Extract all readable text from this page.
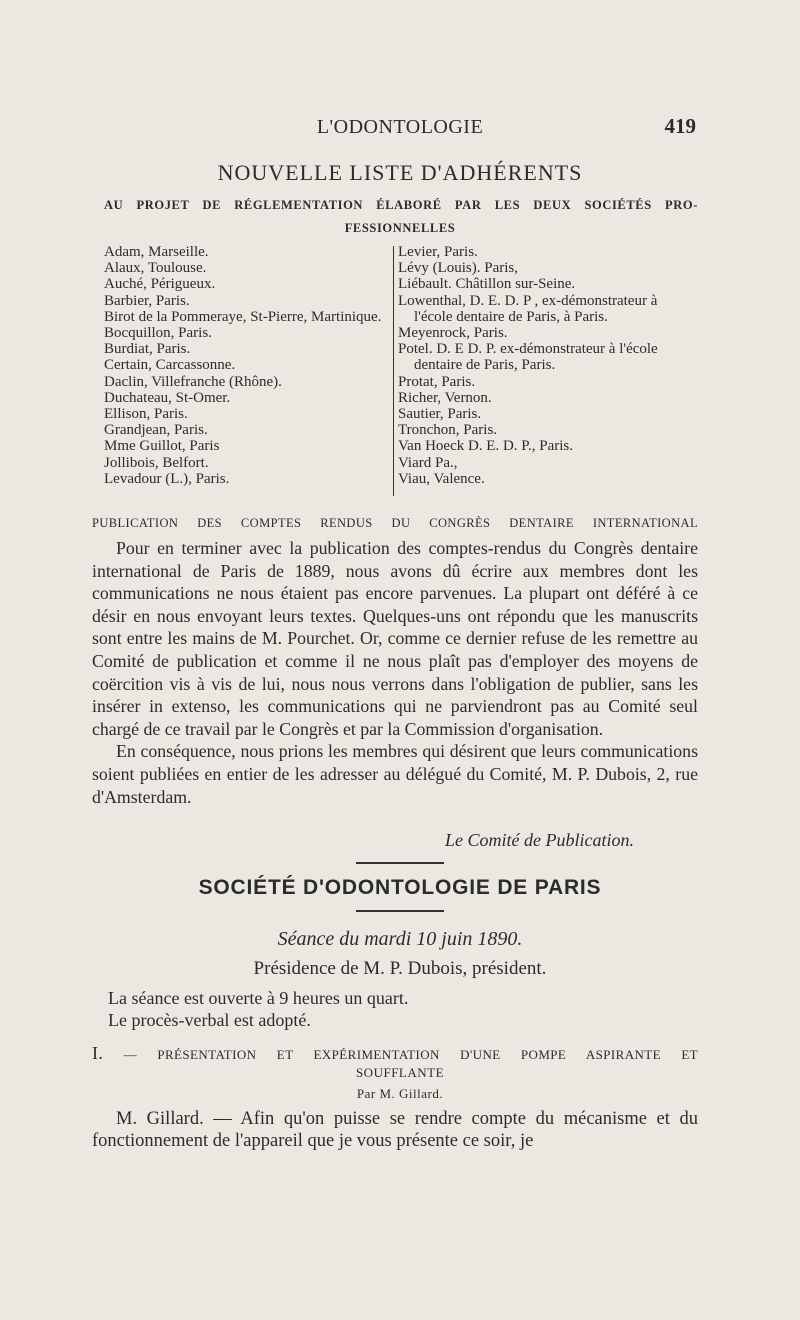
L'ODONTOLOGIE	419
NOUVELLE LISTE D'ADHÉRENTS
AU PROJET DE RÉGLEMENTATION ÉLABORÉ PAR LES DEUX SOCIÉTÉS PRO-
FESSIONNELLES

Adam, Marseille.

Alaux, Toulouse.

Auché, Périgueux.

Barbier, Paris.

Birot de la Pommeraye, St-Pierre, Martinique.

Bocquillon, Paris.

Burdiat, Paris.

Certain, Carcassonne.

Daclin, Villefranche (Rhône).

Duchateau, St-Omer.

Ellison, Paris.

Grandjean, Paris.

Mme Guillot, Paris

Jollibois, Belfort.

Levadour (L.), Paris.

Levier, Paris.

Lévy (Louis). Paris,

Liébault. Châtillon sur-Seine.

Lowenthal, D. E. D. P , ex-démonstrateur à l'école dentaire de Paris, à Paris.

Meyenrock, Paris.

Potel. D. E D. P. ex-démonstrateur à l'école dentaire de Paris, Paris.

Protat, Paris.

Richer, Vernon.

Sautier, Paris.

Tronchon, Paris.

Van Hoeck D. E. D. P., Paris.

Viard Pa.,

Viau, Valence.

PUBLICATION DES COMPTES RENDUS DU CONGRÈS DENTAIRE INTERNATIONAL

Pour en terminer avec la publication des comptes-rendus du Congrès dentaire international de Paris de 1889, nous avons dû écrire aux membres dont les communications ne nous étaient pas encore parvenues. La plupart ont déféré à ce désir en nous envoyant leurs textes. Quelques-uns ont répondu que les manuscrits sont entre les mains de M. Pourchet. Or, comme ce dernier refuse de les remettre au Comité de publication et comme il ne nous plaît pas d'employer des moyens de coërcition vis à vis de lui, nous nous verrons dans l'obligation de publier, sans les insérer in extenso, les communications qui ne parviendront pas au Comité seul chargé de ce travail par le Congrès et par la Commission d'organisation.

En conséquence, nous prions les membres qui désirent que leurs communications soient publiées en entier de les adresser au délégué du Comité, M. P. Dubois, 2, rue d'Amsterdam.

Le Comité de Publication.
SOCIÉTÉ D'ODONTOLOGIE DE PARIS
Séance du mardi 10 juin 1890.
Présidence de M. P. Dubois, président.
La séance est ouverte à 9 heures un quart.
Le procès-verbal est adopté.
I. — PRÉSENTATION ET EXPÉRIMENTATION D'UNE POMPE ASPIRANTE ET
SOUFFLANTE
Par M. Gillard.

M. Gillard. — Afin qu'on puisse se rendre compte du mécanisme et du fonctionnement de l'appareil que je vous présente ce soir, je
